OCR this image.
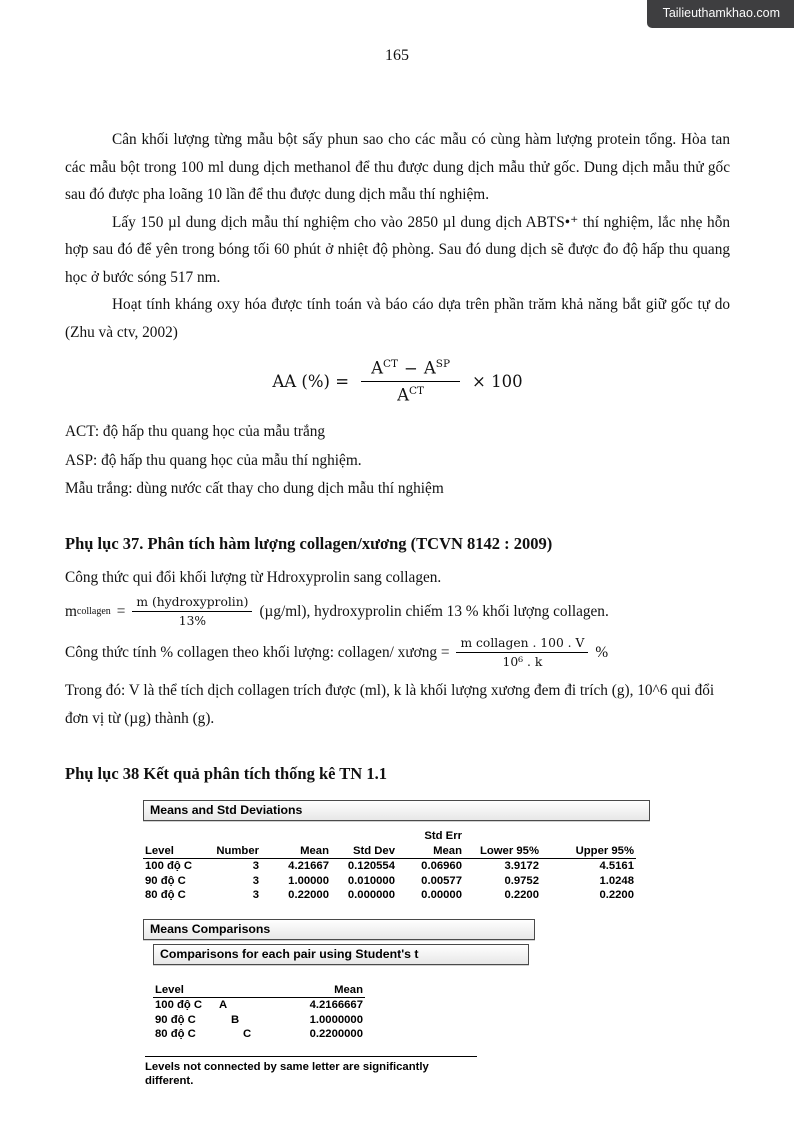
Tailieuthamkhao.com
165

Cân khối lượng từng mẫu bột sấy phun sao cho các mẫu có cùng hàm lượng protein tổng. Hòa tan các mẫu bột trong 100 ml dung dịch methanol để thu được dung dịch mẫu thử gốc. Dung dịch mẫu thử gốc sau đó được pha loãng 10 lần để thu được dung dịch mẫu thí nghiệm.

Lấy 150 µl dung dịch mẫu thí nghiệm cho vào 2850 µl dung dịch ABTS•⁺ thí nghiệm, lắc nhẹ hỗn hợp sau đó để yên trong bóng tối 60 phút ở nhiệt độ phòng. Sau đó dung dịch sẽ được đo độ hấp thu quang học ở bước sóng 517 nm.

Hoạt tính kháng oxy hóa được tính toán và báo cáo dựa trên phần trăm khả năng bắt giữ gốc tự do (Zhu và ctv, 2002)

AA (%) = $\frac{A^{CT} - A^{SP}}{A^{CT}} \times 100$

ACT: độ hấp thu quang học của mẫu trắng

ASP: độ hấp thu quang học của mẫu thí nghiệm.

Mẫu trắng: dùng nước cất thay cho dung dịch mẫu thí nghiệm

Phụ lục 37. Phân tích hàm lượng collagen/xương (TCVN 8142 : 2009)

Công thức qui đổi khối lượng từ Hdroxyprolin sang collagen.

m collagen = $\frac{\text{m (hydroxyprolin)}}{13\%} (\mu g/ml)$, hydroxyprolin chiếm 13 % khối lượng collagen.
Công thức tính % collagen theo khối lượng: collagen/ xương = $\frac{\text{m collagen . 100 . V}}{\text{10⁶ . k}}$ %

Trong đó: V là thể tích dịch collagen trích được (ml), k là khối lượng xương đem đi trích (g), 10^6 qui đổi đơn vị từ (µg) thành (g).

Phụ lục 38 Kết quả phân tích thống kê TN 1.1
Means and Std Deviations
				Std Err		
Level	Number	Mean	Std Dev	Mean	Lower 95%	Upper 95%
100 độ C	3	4.21667	0.120554	0.06960	3.9172	4.5161
90 độ C	3	1.00000	0.010000	0.00577	0.9752	1.0248
80 độ C	3	0.22000	0.000000	0.00000	0.2200	0.2200
Means Comparisons
Comparisons for each pair using Student's t
Level				Mean
100 độ C	A			4.2166667
90 độ C		B		1.0000000
80 độ C			C	0.2200000
Levels not connected by same letter are significantly different.
